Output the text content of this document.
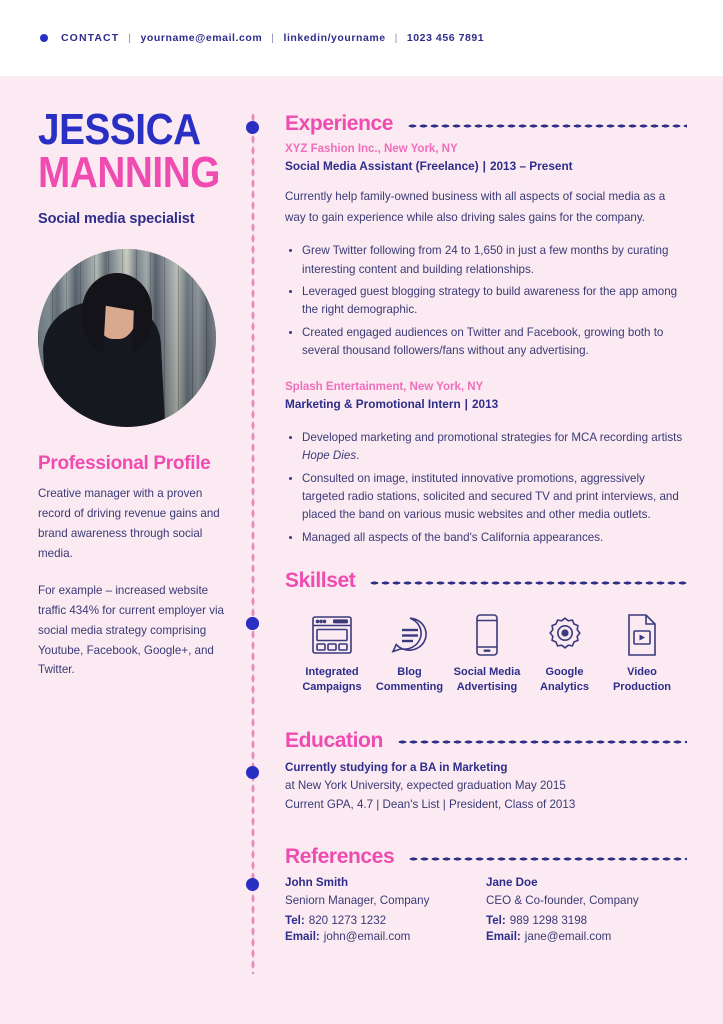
CONTACT | yourname@email.com | linkedin/yourname | 1023 456 7891
JESSICA
MANNING
Social media specialist
Professional Profile
Creative manager with a proven record of driving revenue gains and brand awareness through social media.
For example – increased website traffic 434% for current employer via social media strategy comprising Youtube, Facebook, Google+, and Twitter.
Experience
XYZ Fashion Inc., New York, NY
Social Media Assistant (Freelance) | 2013 – Present
Currently help family-owned business with all aspects of social media as a way to gain experience while also driving sales gains for the company.
• Grew Twitter following from 24 to 1,650 in just a few months by curating interesting content and building relationships.
• Leveraged guest blogging strategy to build awareness for the app among the right demographic.
• Created engaged audiences on Twitter and Facebook, growing both to several thousand followers/fans without any advertising.
Splash Entertainment, New York, NY
Marketing & Promotional Intern | 2013
• Developed marketing and promotional strategies for MCA recording artists Hope Dies.
• Consulted on image, instituted innovative promotions, aggressively targeted radio stations, solicited and secured TV and print interviews, and placed the band on various music websites and other media outlets.
• Managed all aspects of the band's California appearances.
Skillset
Integrated
Campaigns
Blog
Commenting
Social Media
Advertising
Google
Analytics
Video
Production
Education
Currently studying for a BA in Marketing
at New York University, expected graduation May 2015
Current GPA, 4.7 | Dean's List | President, Class of 2013
References
John Smith
Seniorn Manager, Company
Tel: 820 1273 1232
Email: john@email.com
Jane Doe
CEO & Co-founder, Company
Tel: 989 1298 3198
Email: jane@email.com
